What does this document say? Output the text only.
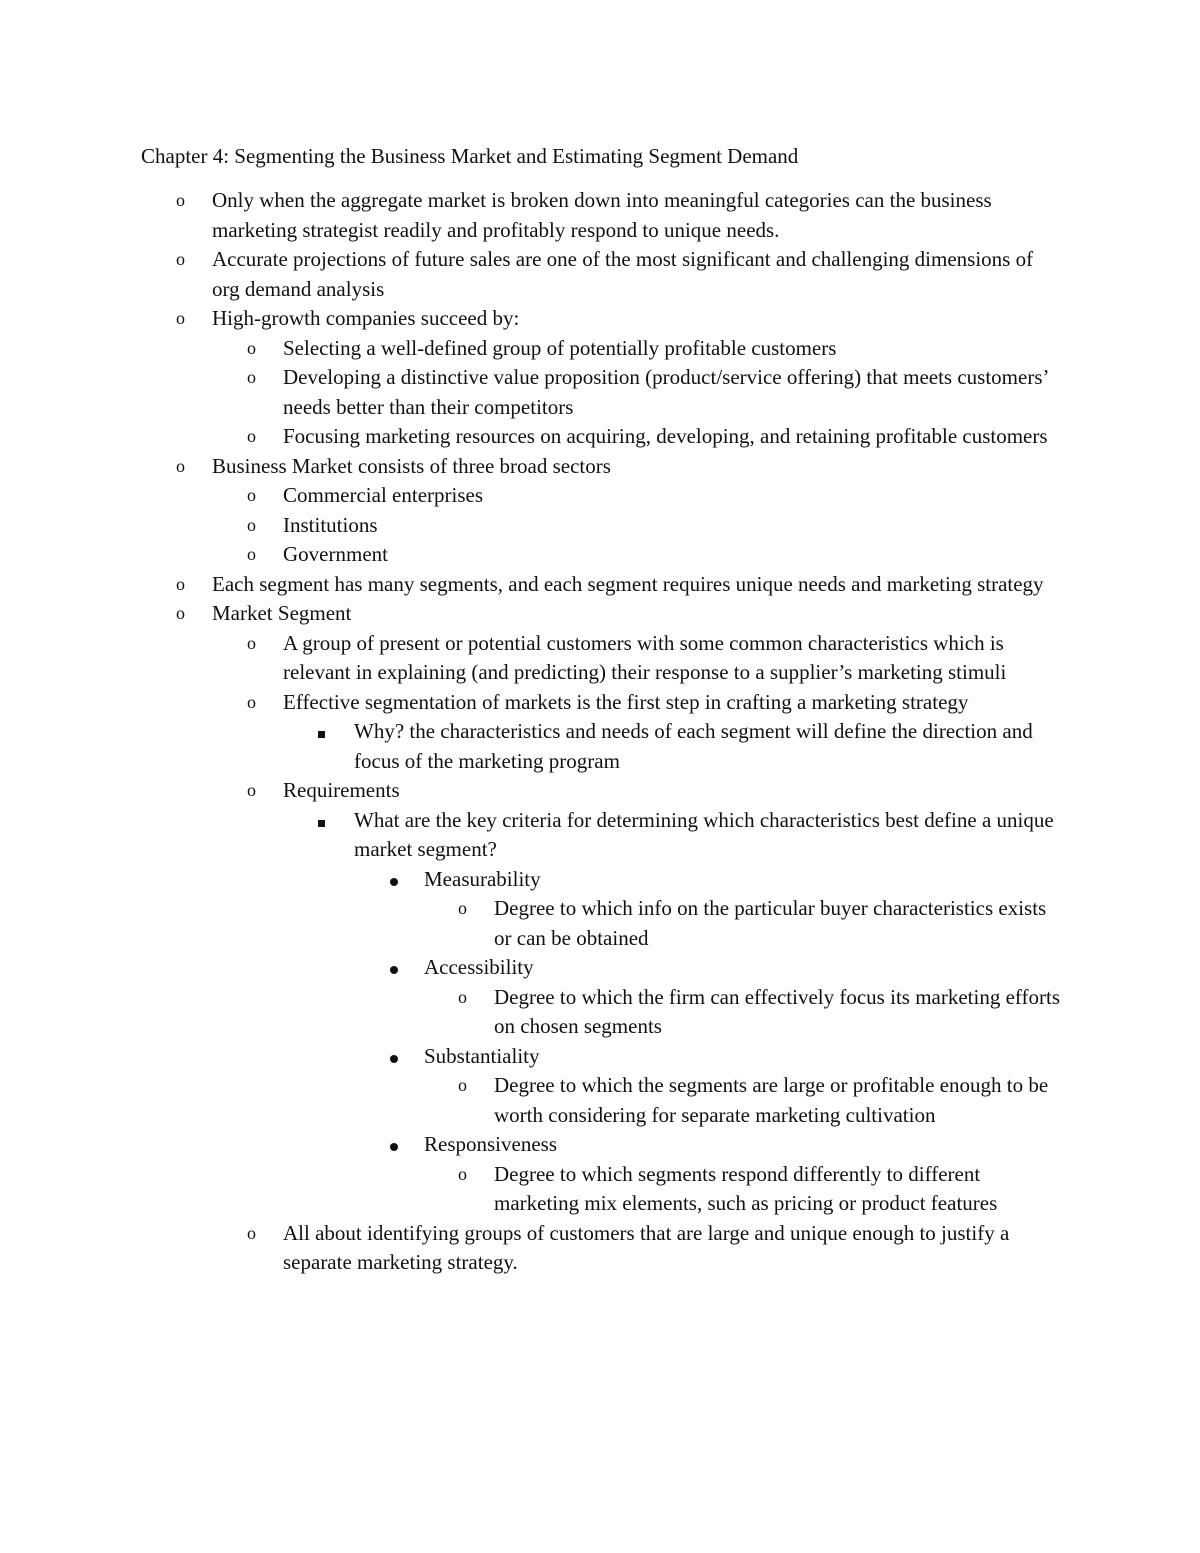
Chapter 4: Segmenting the Business Market and Estimating Segment Demand
o Only when the aggregate market is broken down into meaningful categories can the business marketing strategist readily and profitably respond to unique needs.
o Accurate projections of future sales are one of the most significant and challenging dimensions of org demand analysis
o High-growth companies succeed by:
o Selecting a well-defined group of potentially profitable customers
o Developing a distinctive value proposition (product/service offering) that meets customers’ needs better than their competitors
o Focusing marketing resources on acquiring, developing, and retaining profitable customers
o Business Market consists of three broad sectors
o Commercial enterprises
o Institutions
o Government
o Each segment has many segments, and each segment requires unique needs and marketing strategy
o Market Segment
o A group of present or potential customers with some common characteristics which is relevant in explaining (and predicting) their response to a supplier’s marketing stimuli
o Effective segmentation of markets is the first step in crafting a marketing strategy
Why? the characteristics and needs of each segment will define the direction and focus of the marketing program
o Requirements
What are the key criteria for determining which characteristics best define a unique market segment?
Measurability
o Degree to which info on the particular buyer characteristics exists or can be obtained
Accessibility
o Degree to which the firm can effectively focus its marketing efforts on chosen segments
Substantiality
o Degree to which the segments are large or profitable enough to be worth considering for separate marketing cultivation
Responsiveness
o Degree to which segments respond differently to different marketing mix elements, such as pricing or product features
o All about identifying groups of customers that are large and unique enough to justify a separate marketing strategy.
